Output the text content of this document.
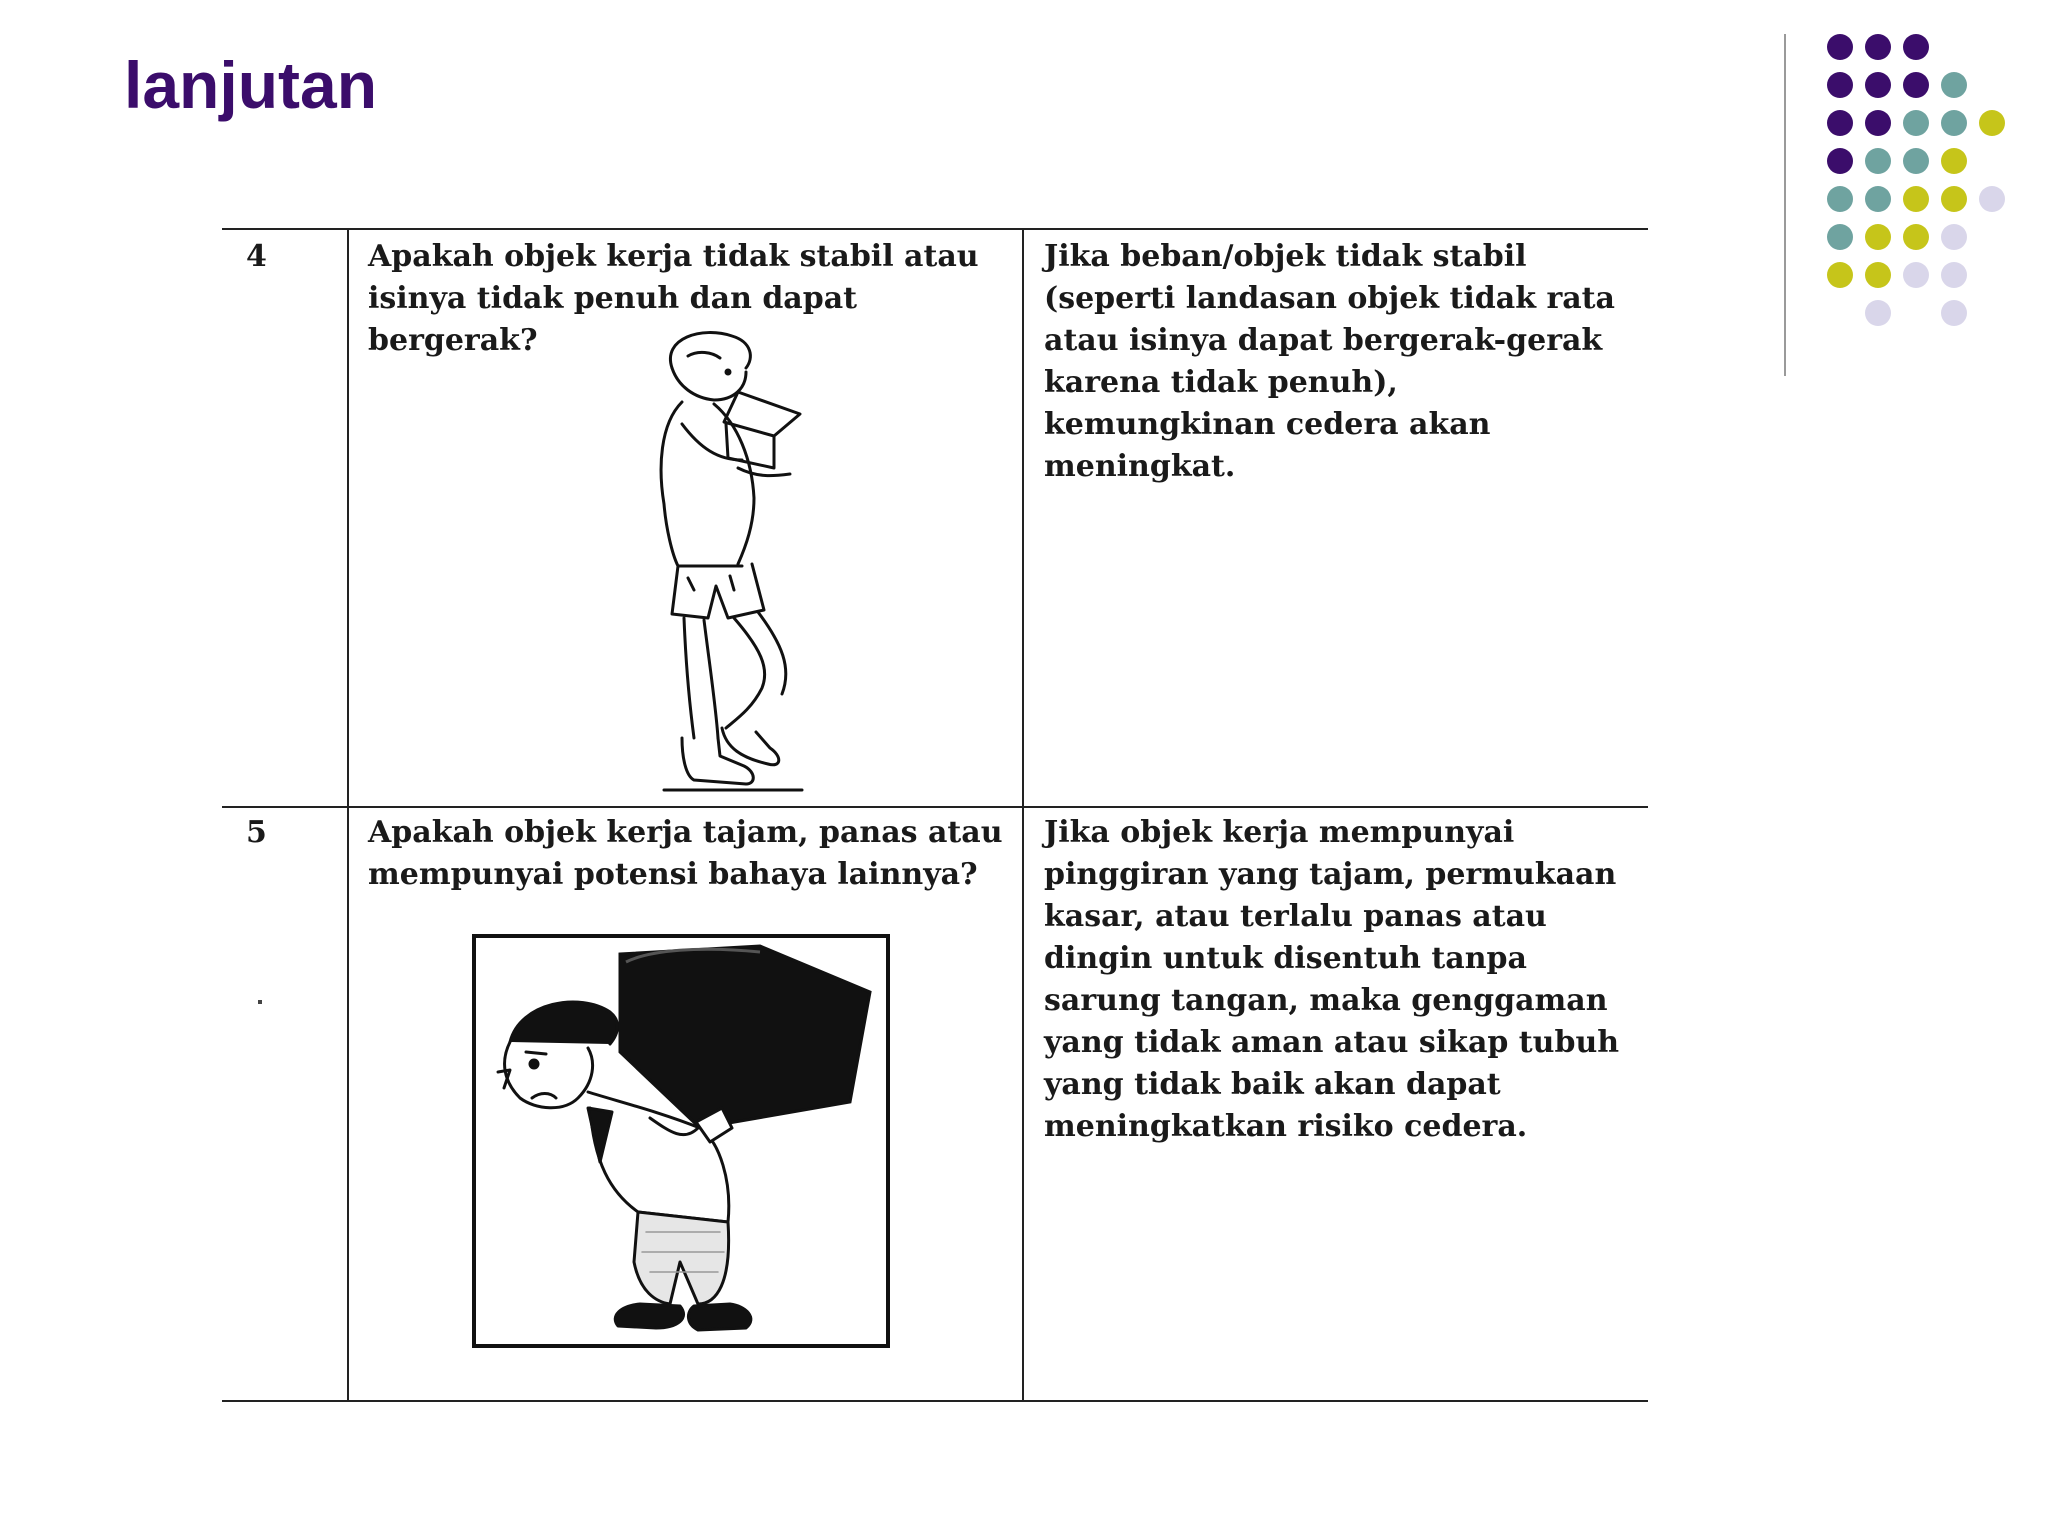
lanjutan
4	Apakah objek kerja tidak stabil atau isinya tidak penuh dan dapat bergerak?
Jika beban/objek tidak stabil (seperti landasan objek tidak rata atau isinya dapat bergerak-gerak karena tidak penuh), kemungkinan cedera akan meningkat.
5	Apakah objek kerja tajam, panas atau mempunyai potensi bahaya lainnya?
Jika objek kerja mempunyai pinggiran yang tajam, permukaan kasar, atau terlalu panas atau dingin untuk disentuh tanpa sarung tangan, maka genggaman yang tidak aman atau sikap tubuh yang tidak baik akan dapat meningkatkan risiko cedera.
